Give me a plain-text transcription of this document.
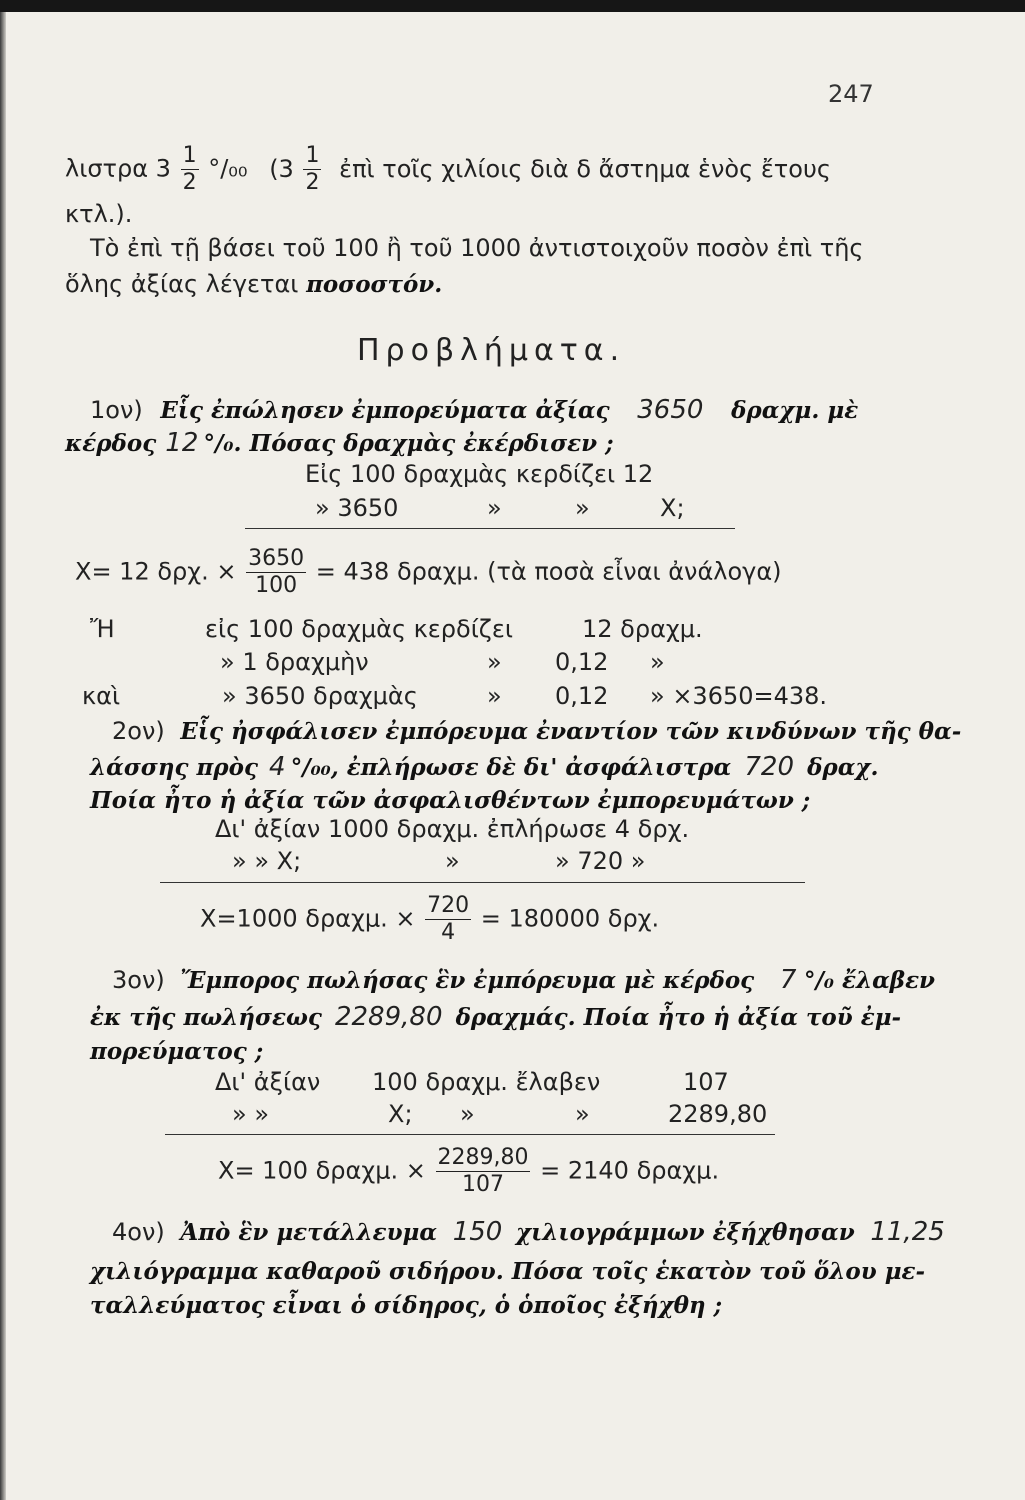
247
λιστρα $3 \frac{1}{2} ^\circ/_{00}$ ($3 \frac{1}{2}$ ἐπὶ τοῖς χιλίοις διὰ δ ἄστημα ἑνὸς ἔτους
κτλ.).
Τὸ ἐπὶ τῇ βάσει τοῦ 100 ἢ τοῦ 1000 ἀντιστοιχοῦν ποσὸν ἐπὶ τῆς
ὅλης ἀξίας λέγεται ποσοστόν.
Προβλήματα.
1ον) Εἷς ἐπώλησεν ἐμπορεύματα ἀξίας 3650 δραχμ. μὲ
κέρδος 12 °/₀. Πόσας δραχμὰς ἐκέρδισεν ;
Εἰς 100 δραχμὰς κερδίζει 12
» 3650	»	»	Χ;
Χ= 12 δρχ. × $\frac{3650}{100} = 438$ δραχμ. (τὰ ποσὰ εἶναι ἀνάλογα)
Ἤ	εἰς 100 δραχμὰς κερδίζει	12 δραχμ.
» 1 δραχμὴν	» 0,12 »
καὶ	» 3650 δραχμὰς	» 0,12 » ×3650=438.
2ον) Εἷς ἠσφάλισεν ἐμπόρευμα ἐναντίον τῶν κινδύνων τῆς θα-
λάσσης πρὸς 4 °/₀₀, ἐπλήρωσε δὲ δι' ἀσφάλιστρα 720 δραχ.
Ποία ἦτο ἡ ἀξία τῶν ἀσφαλισθέντων ἐμπορευμάτων ;
Δι' ἀξίαν 1000 δραχμ. ἐπλήρωσε 4 δρχ.
» » Χ;	»	» 720 »
Χ=1000 δραχμ. × $\frac{720}{4} = 180000$ δρχ.
3ον) Ἔμπορος πωλήσας ἓν ἐμπόρευμα μὲ κέρδος 7 °/₀ ἔλαβεν
ἐκ τῆς πωλήσεως 2289,80 δραχμάς. Ποία ἦτο ἡ ἀξία τοῦ ἐμ-
πορεύματος ;
Δι' ἀξίαν 100 δραχμ. ἔλαβεν	107
» »	Χ; »	»	2289,80
Χ= 100 δραχμ. × $\frac{2289,80}{107} = 2140$ δραχμ.
4ον) Ἀπὸ ἓν μετάλλευμα 150 χιλιογράμμων ἐξήχθησαν 11,25
χιλιόγραμμα καθαροῦ σιδήρου. Πόσα τοῖς ἑκατὸν τοῦ ὅλου με-
ταλλεύματος εἶναι ὁ σίδηρος, ὁ ὁποῖος ἐξήχθη ;
